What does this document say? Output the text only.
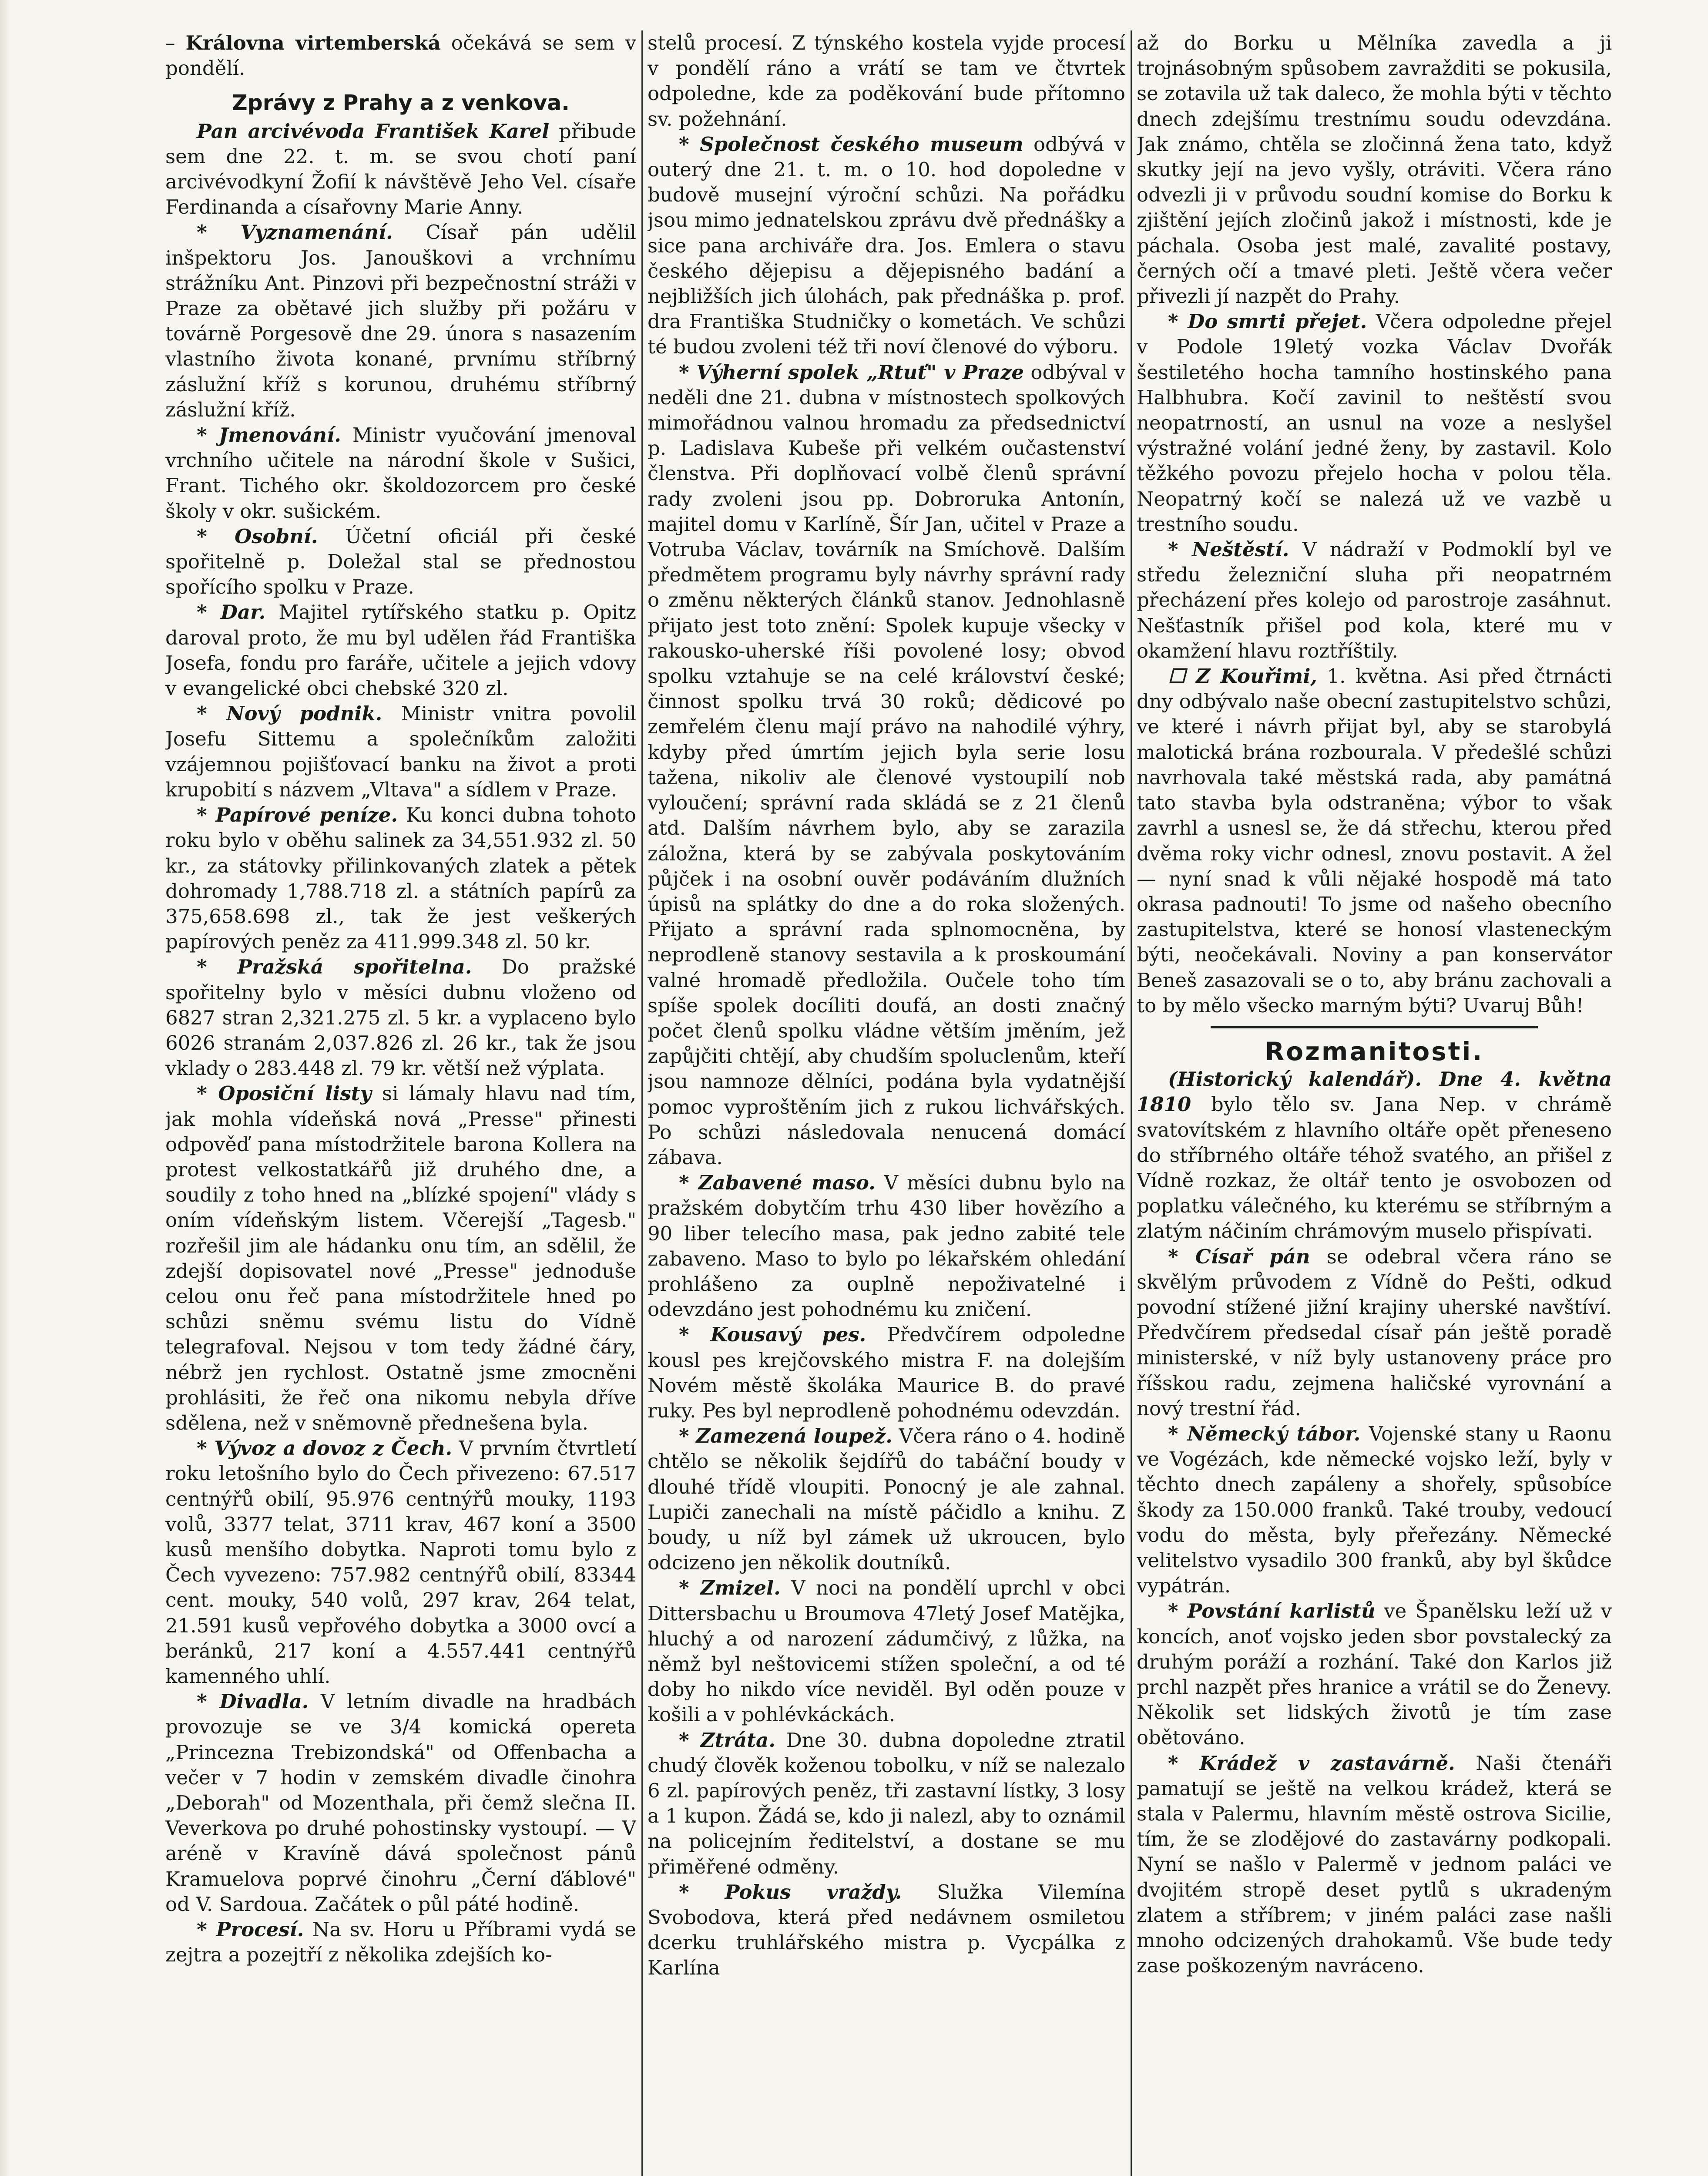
– Královna virtemberská očekává se sem v pondělí.

Zprávy z Prahy a z venkova.

Pan arcivévoda František Karel přibude sem dne 22. t. m. se svou chotí paní arcivévodkyní Žofií k návštěvě Jeho Vel. císaře Ferdinanda a císařovny Marie Anny.

* Vyznamenání. Císař pán udělil inšpektoru Jos. Janouškovi a vrchnímu strážníku Ant. Pinzovi při bezpečnostní stráži v Praze za obětavé jich služby při požáru v továrně Porgesově dne 29. února s nasazením vlastního života konané, prvnímu stříbrný záslužní kříž s korunou, druhému stříbrný záslužní kříž.

* Jmenování. Ministr vyučování jmenoval vrchního učitele na národní škole v Sušici, Frant. Tichého okr. školdozorcem pro české školy v okr. sušickém.

* Osobní. Účetní oficiál při české spořitelně p. Doležal stal se přednostou spořícího spolku v Praze.

* Dar. Majitel rytířského statku p. Opitz daroval proto, že mu byl udělen řád Františka Josefa, fondu pro faráře, učitele a jejich vdovy v evangelické obci chebské 320 zl.

* Nový podnik. Ministr vnitra povolil Josefu Sittemu a společníkům založiti vzájemnou pojišťovací banku na život a proti krupobití s názvem „Vltava" a sídlem v Praze.

* Papírové peníze. Ku konci dubna tohoto roku bylo v oběhu salinek za 34,551.932 zl. 50 kr., za státovky přilinkovaných zlatek a pětek dohromady 1,788.718 zl. a státních papírů za 375,658.698 zl., tak že jest veškerých papírových peněz za 411.999.348 zl. 50 kr.

* Pražská spořitelna. Do pražské spořitelny bylo v měsíci dubnu vloženo od 6827 stran 2,321.275 zl. 5 kr. a vyplaceno bylo 6026 stranám 2,037.826 zl. 26 kr., tak že jsou vklady o 283.448 zl. 79 kr. větší než výplata.

* Oposiční listy si lámaly hlavu nad tím, jak mohla vídeňská nová „Presse" přinesti odpověď pana místodržitele barona Kollera na protest velkostatkářů již druhého dne, a soudily z toho hned na „blízké spojení" vlády s oním vídeňským listem. Včerejší „Tagesb." rozřešil jim ale hádanku onu tím, an sdělil, že zdejší dopisovatel nové „Presse" jednoduše celou onu řeč pana místodržitele hned po schůzi sněmu svému listu do Vídně telegrafoval. Nejsou v tom tedy žádné čáry, nébrž jen rychlost. Ostatně jsme zmocněni prohlásiti, že řeč ona nikomu nebyla dříve sdělena, než v sněmovně přednešena byla.

* Vývoz a dovoz z Čech. V prvním čtvrtletí roku letošního bylo do Čech přivezeno: 67.517 centnýřů obilí, 95.976 centnýřů mouky, 1193 volů, 3377 telat, 3711 krav, 467 koní a 3500 kusů menšího dobytka. Naproti tomu bylo z Čech vyvezeno: 757.982 centnýřů obilí, 83344 cent. mouky, 540 volů, 297 krav, 264 telat, 21.591 kusů vepřového dobytka a 3000 ovcí a beránků, 217 koní a 4.557.441 centnýřů kamenného uhlí.

* Divadla. V letním divadle na hradbách provozuje se ve 3/4 komická opereta „Princezna Trebizondská" od Offenbacha a večer v 7 hodin v zemském divadle činohra „Deborah" od Mozenthala, při čemž slečna II. Veverkova po druhé pohostinsky vystoupí. — V aréně v Kravíně dává společnost pánů Kramuelova poprvé činohru „Černí ďáblové" od V. Sardoua. Začátek o půl páté hodině.

* Procesí. Na sv. Horu u Příbrami vydá se zejtra a pozejtří z několika zdejších ko-

stelů procesí. Z týnského kostela vyjde procesí v pondělí ráno a vrátí se tam ve čtvrtek odpoledne, kde za poděkování bude přítomno sv. požehnání.

* Společnost českého museum odbývá v outerý dne 21. t. m. o 10. hod dopoledne v budově musejní výroční schůzi. Na pořádku jsou mimo jednatelskou zprávu dvě přednášky a sice pana archiváře dra. Jos. Emlera o stavu českého dějepisu a dějepisného badání a nejbližších jich úlohách, pak přednáška p. prof. dra Františka Studničky o kometách. Ve schůzi té budou zvoleni též tři noví členové do výboru.

* Výherní spolek „Rtuť" v Praze odbýval v neděli dne 21. dubna v místnostech spolkových mimořádnou valnou hromadu za předsednictví p. Ladislava Kubeše při velkém oučastenství členstva. Při doplňovací volbě členů správní rady zvoleni jsou pp. Dobroruka Antonín, majitel domu v Karlíně, Šír Jan, učitel v Praze a Votruba Václav, továrník na Smíchově. Dalším předmětem programu byly návrhy správní rady o změnu některých článků stanov. Jednohlasně přijato jest toto znění: Spolek kupuje všecky v rakousko-uherské říši povolené losy; obvod spolku vztahuje se na celé království české; činnost spolku trvá 30 roků; dědicové po zemřelém členu mají právo na nahodilé výhry, kdyby před úmrtím jejich byla serie losu tažena, nikoliv ale členové vystoupilí nob vyloučení; správní rada skládá se z 21 členů atd. Dalším návrhem bylo, aby se zarazila záložna, která by se zabývala poskytováním půjček i na osobní ouvěr podáváním dlužních úpisů na splátky do dne a do roka složených. Přijato a správní rada splnomocněna, by neprodleně stanovy sestavila a k proskoumání valné hromadě předložila. Oučele toho tím spíše spolek docíliti doufá, an dosti značný počet členů spolku vládne větším jměním, jež zapůjčiti chtějí, aby chudším spoluclenům, kteří jsou namnoze dělníci, podána byla vydatnější pomoc vyproštěním jich z rukou lichvářských. Po schůzi následovala nenucená domácí zábava.

* Zabavené maso. V měsíci dubnu bylo na pražském dobytčím trhu 430 liber hovězího a 90 liber telecího masa, pak jedno zabité tele zabaveno. Maso to bylo po lékařském ohledání prohlášeno za ouplně nepoživatelné i odevzdáno jest pohodnému ku zničení.

* Kousavý pes. Předvčírem odpoledne kousl pes krejčovského mistra F. na dolejším Novém městě školáka Maurice B. do pravé ruky. Pes byl neprodleně pohodnému odevzdán.

* Zamezená loupež. Včera ráno o 4. hodině chtělo se několik šejdířů do tabáční boudy v dlouhé třídě vloupiti. Ponocný je ale zahnal. Lupiči zanechali na místě páčidlo a knihu. Z boudy, u níž byl zámek už ukroucen, bylo odcizeno jen několik doutníků.

* Zmizel. V noci na pondělí uprchl v obci Dittersbachu u Broumova 47letý Josef Matějka, hluchý a od narození zádumčivý, z lůžka, na němž byl neštovicemi stížen společní, a od té doby ho nikdo více neviděl. Byl oděn pouze v košili a v pohlévkáckách.

* Ztráta. Dne 30. dubna dopoledne ztratil chudý člověk koženou tobolku, v níž se nalezalo 6 zl. papírových peněz, tři zastavní lístky, 3 losy a 1 kupon. Žádá se, kdo ji nalezl, aby to oznámil na policejním ředitelství, a dostane se mu přiměřené odměny.

* Pokus vraždy. Služka Vilemína Svobodova, která před nedávnem osmiletou dcerku truhlářského mistra p. Vycpálka z Karlína

až do Borku u Mělníka zavedla a ji trojnásobným spůsobem zavražditi se pokusila, se zotavila už tak daleco, že mohla býti v těchto dnech zdejšímu trestnímu soudu odevzdána. Jak známo, chtěla se zločinná žena tato, když skutky její na jevo vyšly, otráviti. Včera ráno odvezli ji v průvodu soudní komise do Borku k zjištění jejích zločinů jakož i místnosti, kde je páchala. Osoba jest malé, zavalité postavy, černých očí a tmavé pleti. Ještě včera večer přivezli jí nazpět do Prahy.

* Do smrti přejet. Včera odpoledne přejel v Podole 19letý vozka Václav Dvořák šestiletého hocha tamního hostinského pana Halbhubra. Kočí zavinil to neštěstí svou neopatrností, an usnul na voze a neslyšel výstražné volání jedné ženy, by zastavil. Kolo těžkého povozu přejelo hocha v polou těla. Neopatrný kočí se nalezá už ve vazbě u trestního soudu.

* Neštěstí. V nádraží v Podmoklí byl ve středu železniční sluha při neopatrném přecházení přes kolejo od parostroje zasáhnut. Nešťastník přišel pod kola, které mu v okamžení hlavu roztříštily.

☐ Z Kouřimi, 1. května. Asi před čtrnácti dny odbývalo naše obecní zastupitelstvo schůzi, ve které i návrh přijat byl, aby se starobylá malotická brána rozbourala. V předešlé schůzi navrhovala také městská rada, aby památná tato stavba byla odstraněna; výbor to však zavrhl a usnesl se, že dá střechu, kterou před dvěma roky vichr odnesl, znovu postavit. A žel — nyní snad k vůli nějaké hospodě má tato okrasa padnouti! To jsme od našeho obecního zastupitelstva, které se honosí vlasteneckým býti, neočekávali. Noviny a pan konservátor Beneš zasazovali se o to, aby bránu zachovali a to by mělo všecko marným býti? Uvaruj Bůh!

Rozmanitosti.

(Historický kalendář). Dne 4. května 1810 bylo tělo sv. Jana Nep. v chrámě svatovítském z hlavního oltáře opět přeneseno do stříbrného oltáře téhož svatého, an přišel z Vídně rozkaz, že oltář tento je osvobozen od poplatku válečného, ku kterému se stříbrným a zlatým náčiním chrámovým muselo přispívati.

* Císař pán se odebral včera ráno se skvělým průvodem z Vídně do Pešti, odkud povodní stížené jižní krajiny uherské navštíví. Předvčírem předsedal císař pán ještě poradě ministerské, v níž byly ustanoveny práce pro říšskou radu, zejmena haličské vyrovnání a nový trestní řád.

* Německý tábor. Vojenské stany u Raonu ve Vogézách, kde německé vojsko leží, byly v těchto dnech zapáleny a shořely, spůsobíce škody za 150.000 franků. Také trouby, vedoucí vodu do města, byly přeřezány. Německé velitelstvo vysadilo 300 franků, aby byl škůdce vypátrán.

* Povstání karlistů ve Španělsku leží už v koncích, anoť vojsko jeden sbor povstalecký za druhým poráží a rozhání. Také don Karlos již prchl nazpět přes hranice a vrátil se do Ženevy. Několik set lidských životů je tím zase obětováno.

* Krádež v zastavárně. Naši čtenáři pamatují se ještě na velkou krádež, která se stala v Palermu, hlavním městě ostrova Sicilie, tím, že se zlodějové do zastavárny podkopali. Nyní se našlo v Palermě v jednom paláci ve dvojitém stropě deset pytlů s ukradeným zlatem a stříbrem; v jiném paláci zase našli mnoho odcizených drahokamů. Vše bude tedy zase poškozeným navráceno.
